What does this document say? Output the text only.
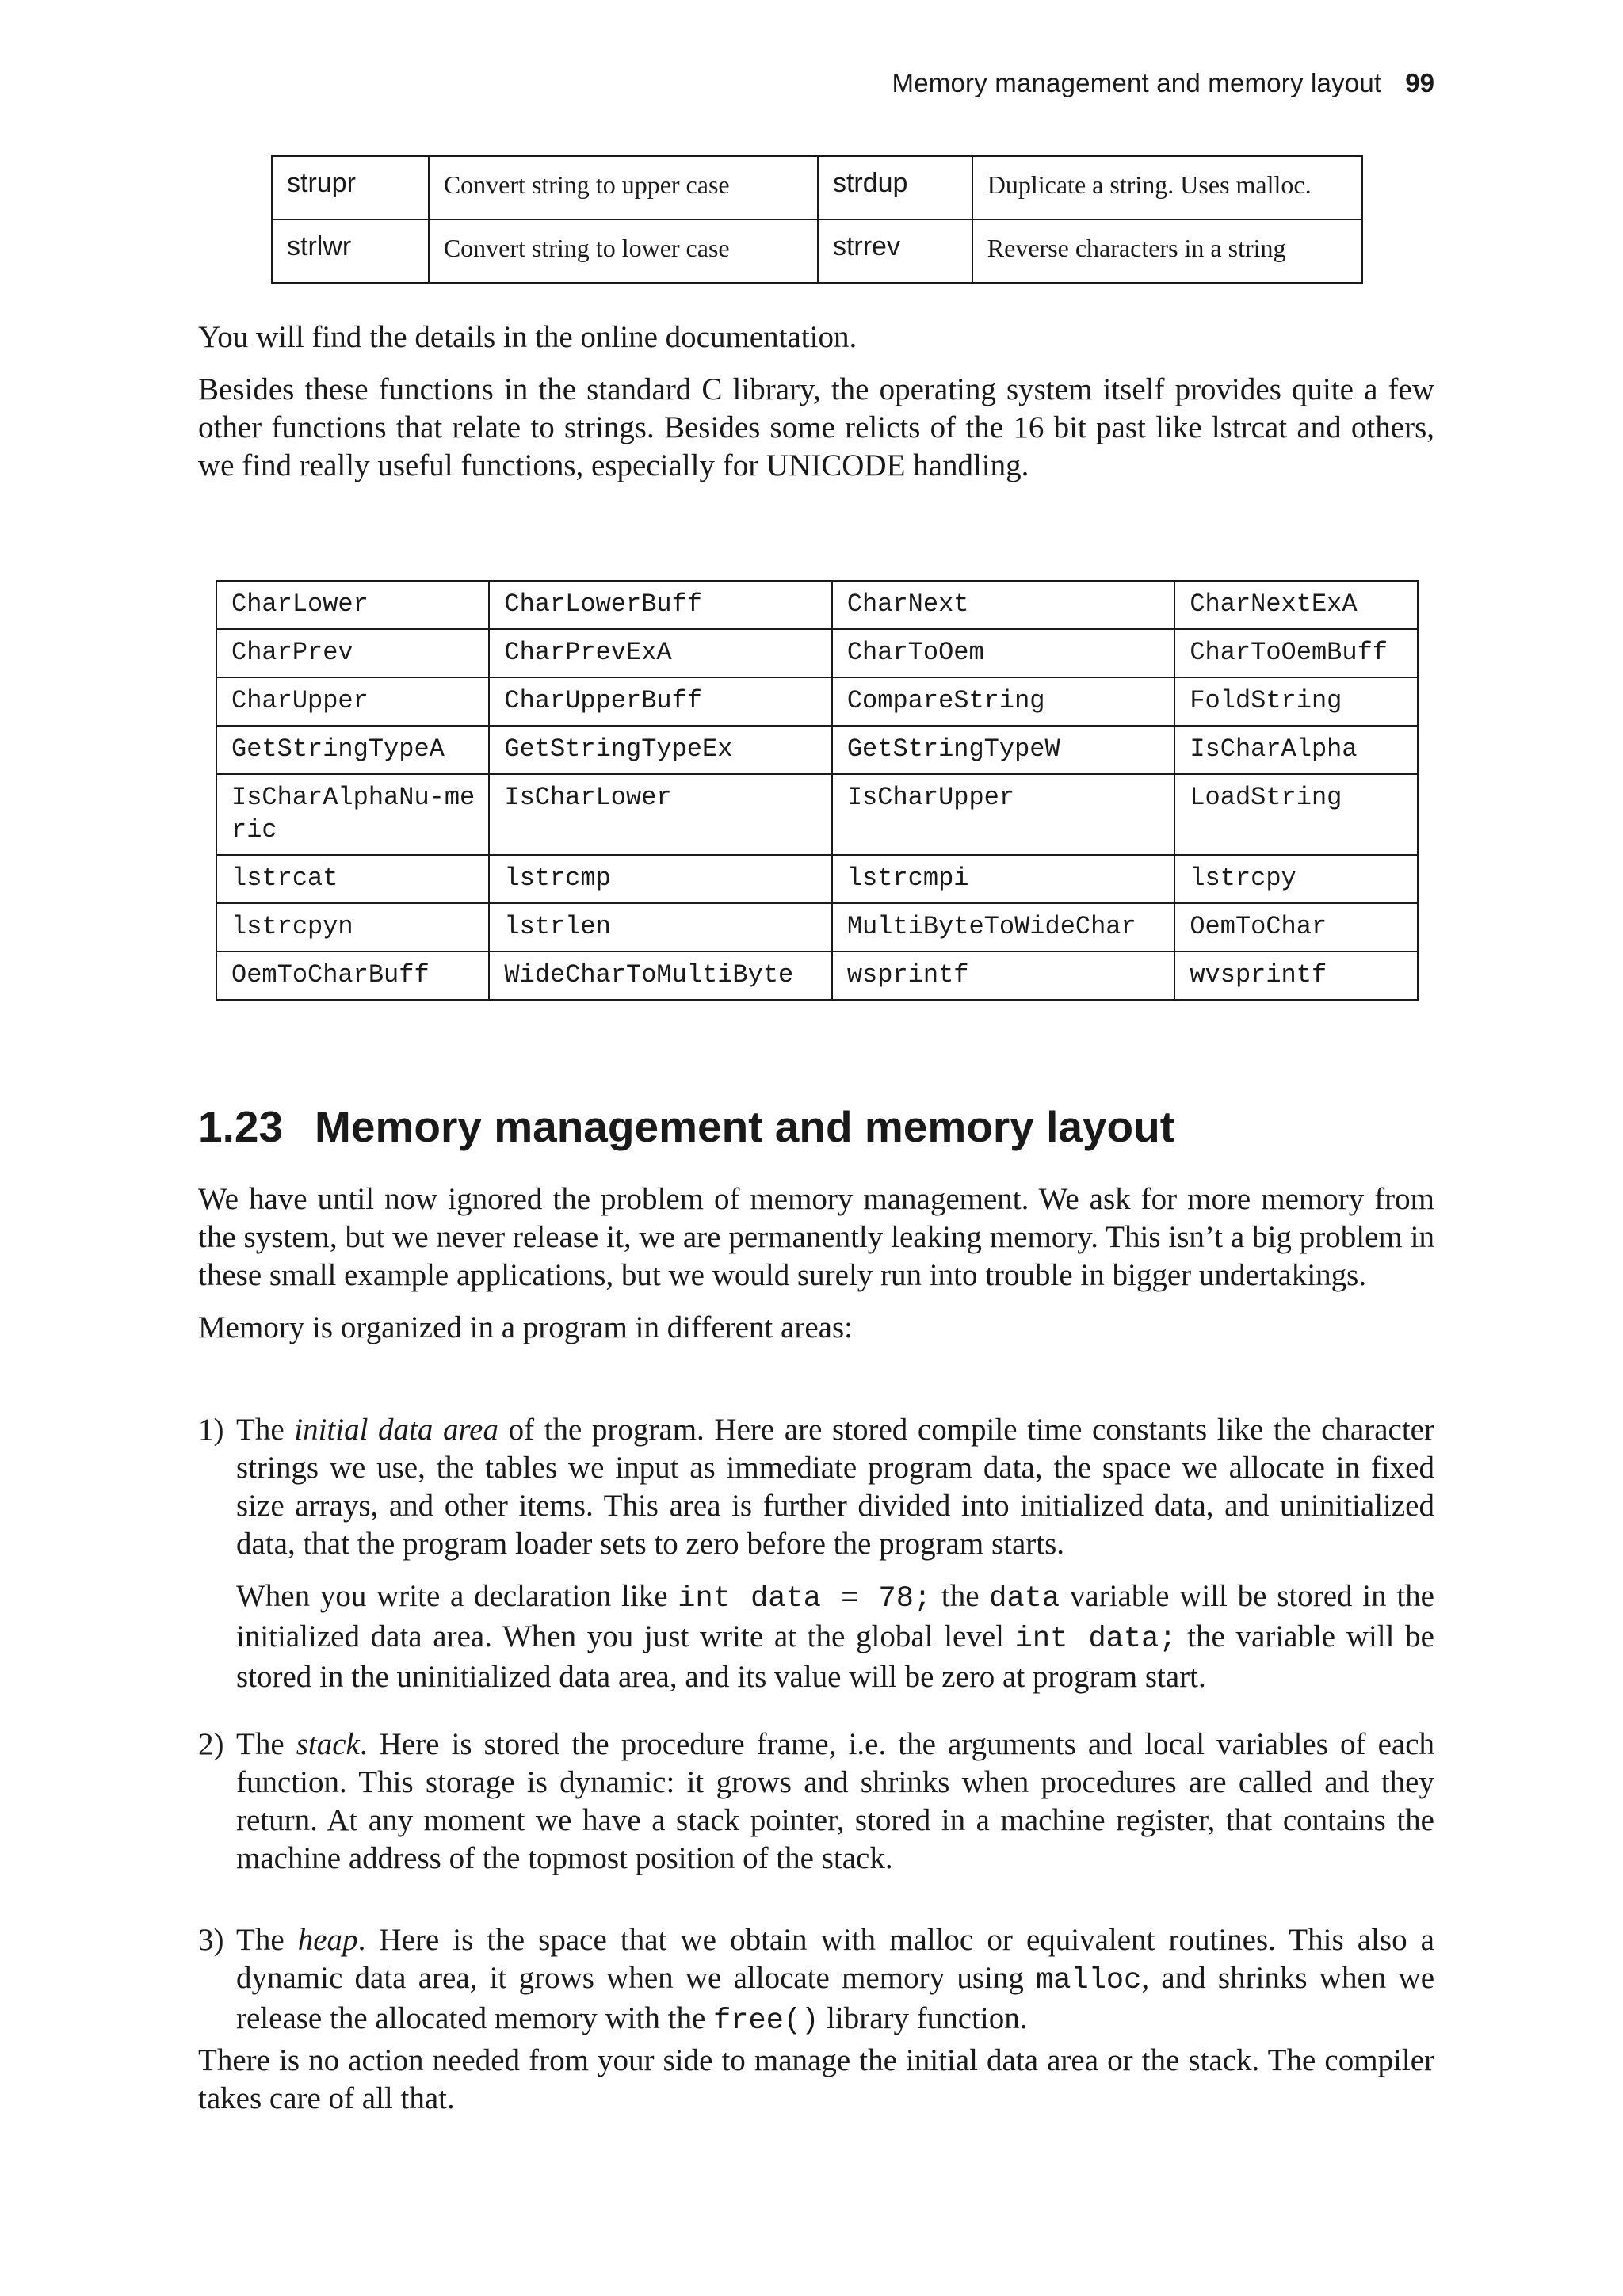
Memory management and memory layout 99
strupr	Convert string to upper case	strdup	Duplicate a string. Uses malloc.
strlwr	Convert string to lower case	strrev	Reverse characters in a string

You will find the details in the online documentation.

Besides these functions in the standard C library, the operating system itself provides quite a few other functions that relate to strings. Besides some relicts of the 16 bit past like lstrcat and others, we find really useful functions, especially for UNICODE handling.

CharLower	CharLowerBuff	CharNext	CharNextExA
CharPrev	CharPrevExA	CharToOem	CharToOemBuff
CharUpper	CharUpperBuff	CompareString	FoldString
GetStringTypeA	GetStringTypeEx	GetStringTypeW	IsCharAlpha
IsCharAlphaNu-meric	IsCharLower	IsCharUpper	LoadString
lstrcat	lstrcmp	lstrcmpi	lstrcpy
lstrcpyn	lstrlen	MultiByteToWideChar	OemToChar
OemToCharBuff	WideCharToMultiByte	wsprintf	wvsprintf
1.23 Memory management and memory layout

We have until now ignored the problem of memory management. We ask for more memory from the system, but we never release it, we are permanently leaking memory. This isn’t a big problem in these small example applications, but we would surely run into trouble in bigger undertakings.

Memory is organized in a program in different areas:

1) The initial data area of the program. Here are stored compile time constants like the character strings we use, the tables we input as immediate program data, the space we allocate in fixed size arrays, and other items. This area is further divided into initialized data, and uninitialized data, that the program loader sets to zero before the program starts.

When you write a declaration like int data = 78; the data variable will be stored in the initialized data area. When you just write at the global level int data; the variable will be stored in the uninitialized data area, and its value will be zero at program start.

2) The stack. Here is stored the procedure frame, i.e. the arguments and local variables of each function. This storage is dynamic: it grows and shrinks when procedures are called and they return. At any moment we have a stack pointer, stored in a machine register, that contains the machine address of the topmost position of the stack.

3) The heap. Here is the space that we obtain with malloc or equivalent routines. This also a dynamic data area, it grows when we allocate memory using malloc, and shrinks when we release the allocated memory with the free() library function.

There is no action needed from your side to manage the initial data area or the stack. The compiler takes care of all that.
